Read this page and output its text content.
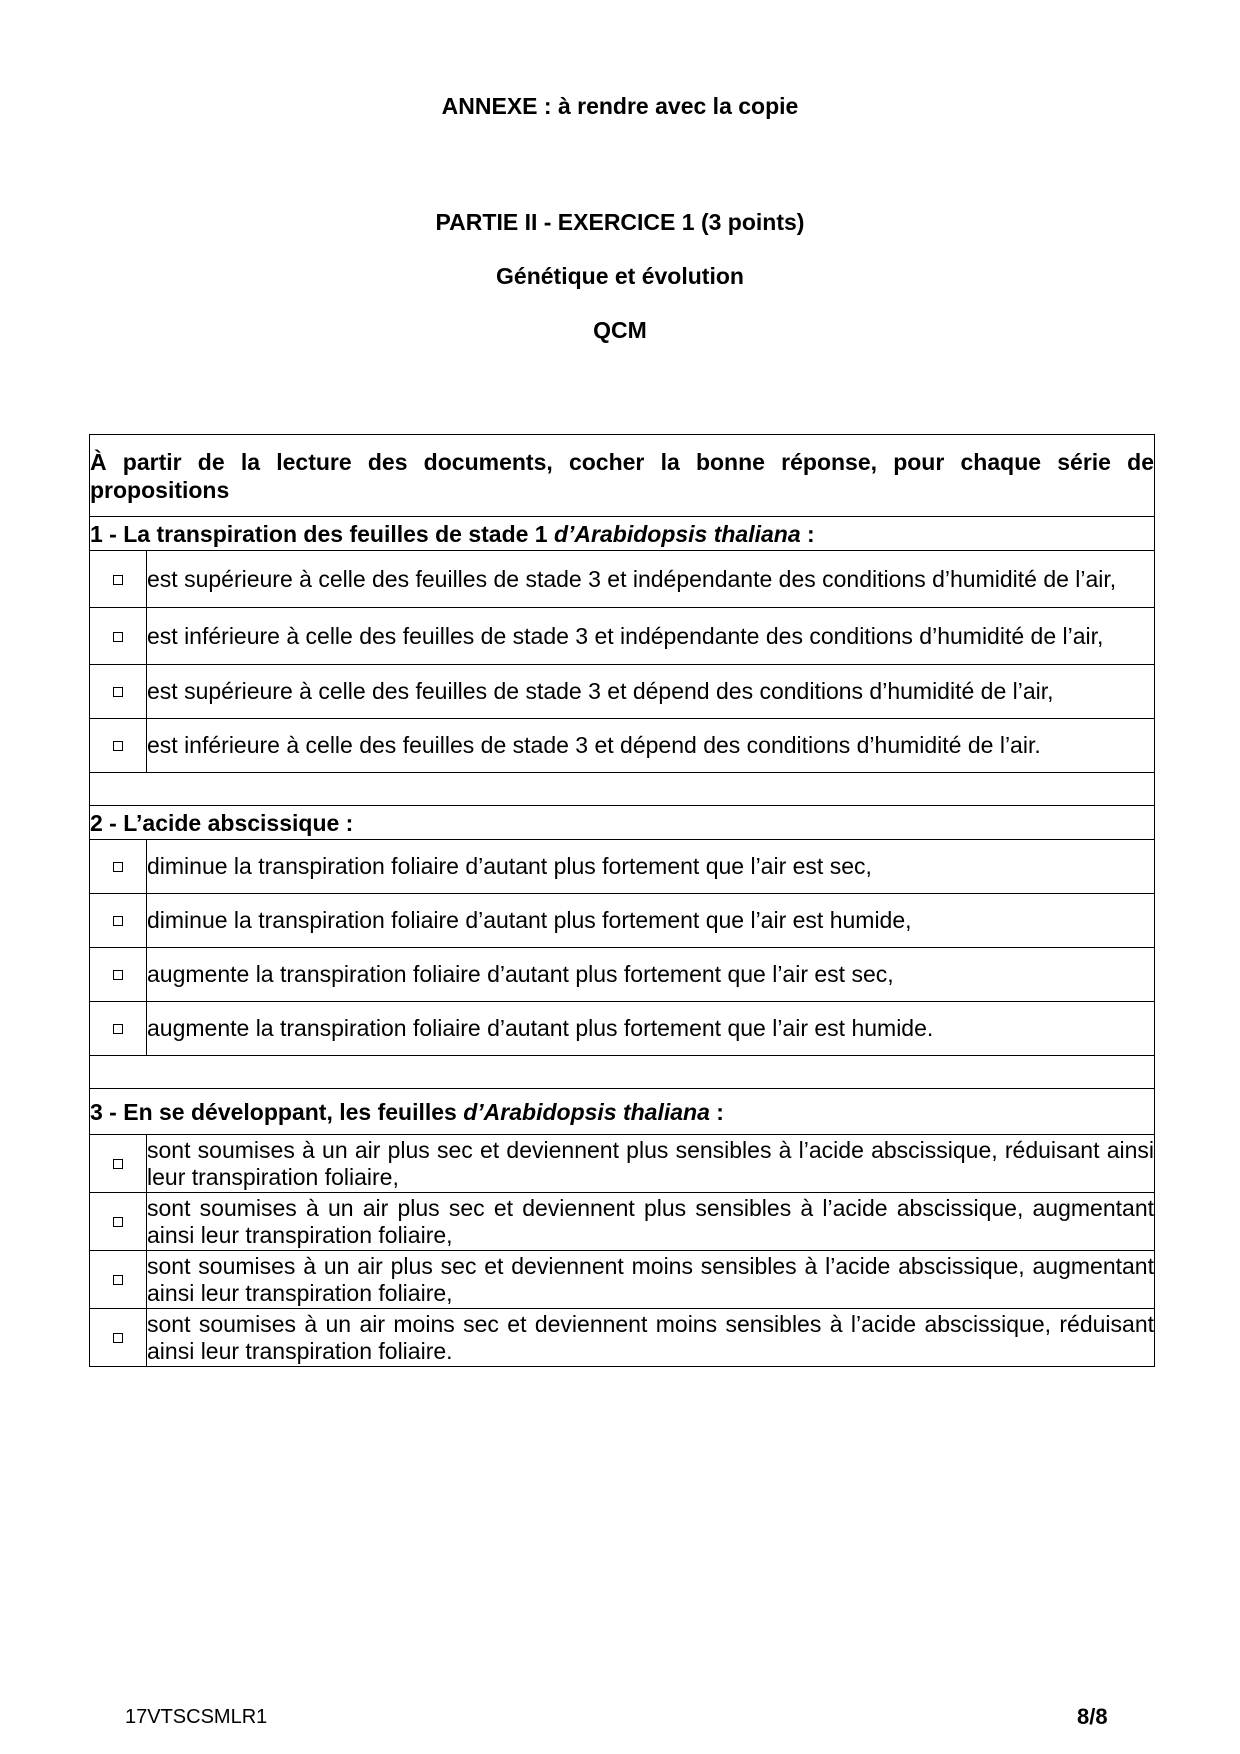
ANNEXE : à rendre avec la copie
PARTIE II - EXERCICE 1 (3 points)
Génétique et évolution
QCM
À partir de la lecture des documents, cocher la bonne réponse, pour chaque série de propositions	
1 - La transpiration des feuilles de stade 1 d’Arabidopsis thaliana :	
	est supérieure à celle des feuilles de stade 3 et indépendante des conditions d’humidité de l’air,
	est inférieure à celle des feuilles de stade 3 et indépendante des conditions d’humidité de l’air,
	est supérieure à celle des feuilles de stade 3 et dépend des conditions d’humidité de l’air,
	est inférieure à celle des feuilles de stade 3 et dépend des conditions d’humidité de l’air.

2 - L’acide abscissique :	
	diminue la transpiration foliaire d’autant plus fortement que l’air est sec,
	diminue la transpiration foliaire d’autant plus fortement que l’air est humide,
	augmente la transpiration foliaire d’autant plus fortement que l’air est sec,
	augmente la transpiration foliaire d’autant plus fortement que l’air est humide.

3 - En se développant, les feuilles d’Arabidopsis thaliana :	
	sont soumises à un air plus sec et deviennent plus sensibles à l’acide abscissique, réduisant ainsi leur transpiration foliaire,
	sont soumises à un air plus sec et deviennent plus sensibles à l’acide abscissique, augmentant ainsi leur transpiration foliaire,
	sont soumises à un air plus sec et deviennent moins sensibles à l’acide abscissique, augmentant ainsi leur transpiration foliaire,
	sont soumises à un air moins sec et deviennent moins sensibles à l’acide abscissique, réduisant ainsi leur transpiration foliaire.
17VTSCSMLR1	8/8
